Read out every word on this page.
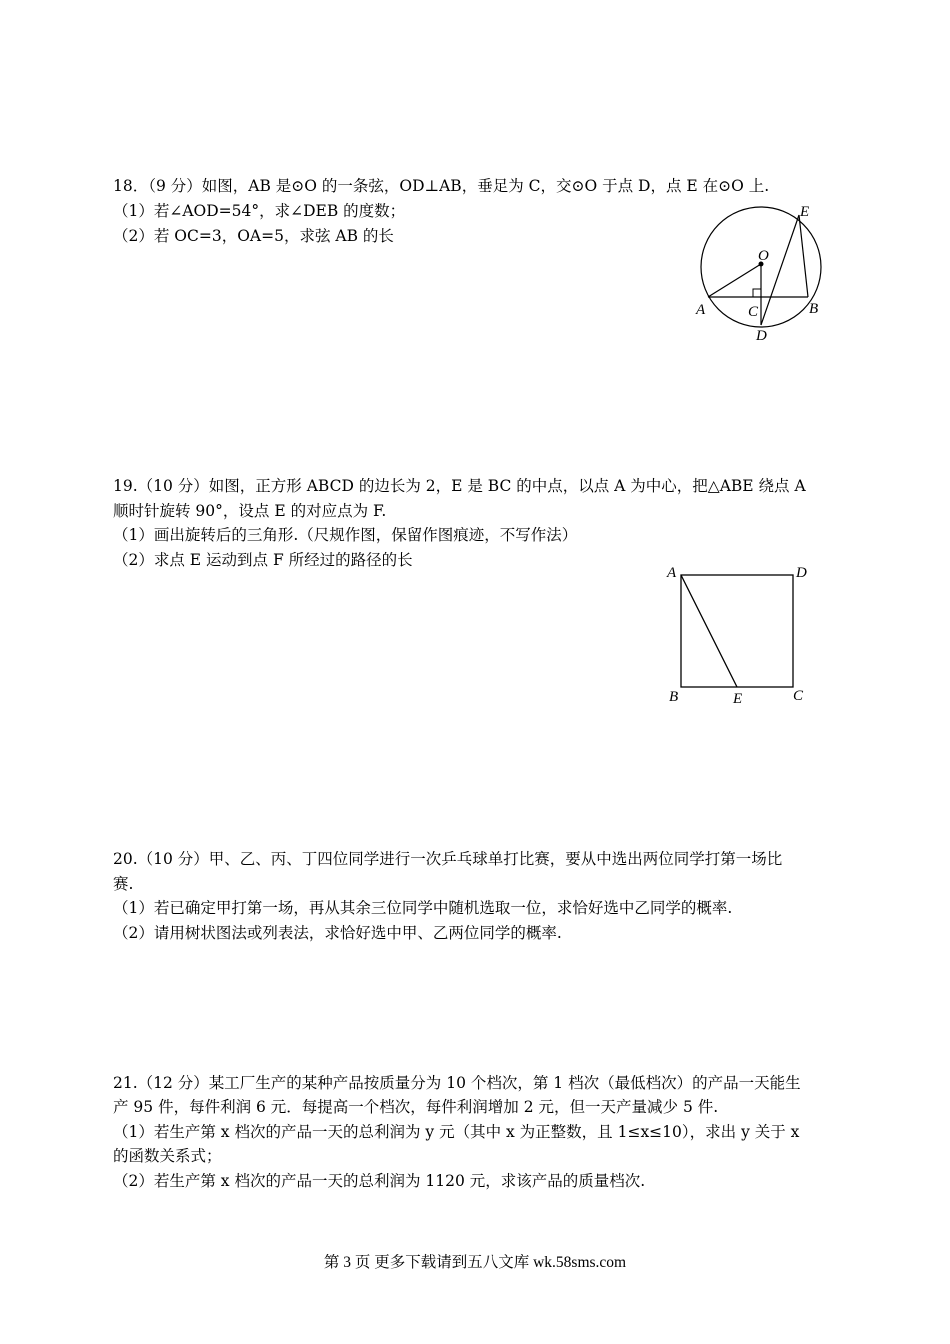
18．（9 分）如图，AB 是⊙O 的一条弦，OD⊥AB，垂足为 C，交⊙O 于点 D，点 E 在⊙O 上.
（1）若∠AOD=54°，求∠DEB 的度数；
（2）若 OC=3，OA=5，求弦 AB 的长
E
O
A	C	B
D
19.（10 分）如图，正方形 ABCD 的边长为 2，E 是 BC 的中点，以点 A 为中心，把△ABE 绕点 A
顺时针旋转 90°，设点 E 的对应点为 F.
（1）画出旋转后的三角形.（尺规作图，保留作图痕迹，不写作法）
（2）求点 E 运动到点 F 所经过的路径的长
A	D
B	E	C
20.（10 分）甲、乙、丙、丁四位同学进行一次乒乓球单打比赛，要从中选出两位同学打第一场比
赛.
（1）若已确定甲打第一场，再从其余三位同学中随机选取一位，求恰好选中乙同学的概率.
（2）请用树状图法或列表法，求恰好选中甲、乙两位同学的概率.
21.（12 分）某工厂生产的某种产品按质量分为 10 个档次，第 1 档次（最低档次）的产品一天能生
产 95 件，每件利润 6 元．每提高一个档次，每件利润增加 2 元，但一天产量减少 5 件.
（1）若生产第 x 档次的产品一天的总利润为 y 元（其中 x 为正整数，且 1≤x≤10），求出 y 关于 x
的函数关系式；
（2）若生产第 x 档次的产品一天的总利润为 1120 元，求该产品的质量档次.
第 3 页 更多下载请到五八文库 wk.58sms.com
